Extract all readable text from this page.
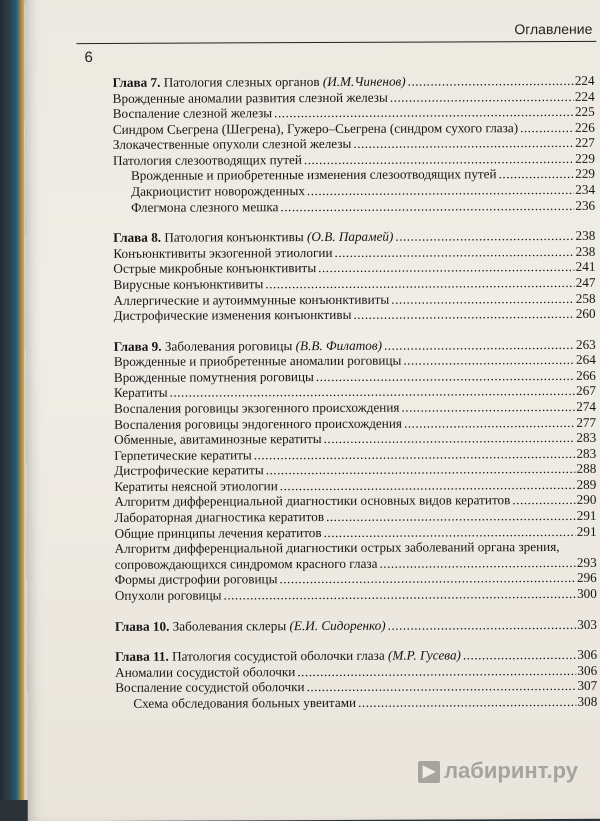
Оглавление
6
Глава 7. Патология слезных органов (И.М.Чиненов) .....	224
Врожденные аномалии развития слезной железы .....	224
Воспаление слезной железы .....	225
Синдром Сьегрена (Шегрена), Гужеро–Сьегрена (синдром сухого глаза) .....	226
Злокачественные опухоли слезной железы .....	227
Патология слезоотводящих путей .....	229
Врожденные и приобретенные изменения слезоотводящих путей .....	229
Дакриоцистит новорожденных .....	234
Флегмона слезного мешка .....	236
Глава 8. Патология конъюнктивы (О.В. Парамей) .....	238
Конъюнктивиты экзогенной этиологии .....	238
Острые микробные конъюнктивиты .....	241
Вирусные конъюнктивиты .....	247
Аллергические и аутоиммунные конъюнктивиты .....	258
Дистрофические изменения конъюнктивы .....	260
Глава 9. Заболевания роговицы (В.В. Филатов) .....	263
Врожденные и приобретенные аномалии роговицы .....	264
Врожденные помутнения роговицы .....	266
Кератиты .....	267
Воспаления роговицы экзогенного происхождения .....	274
Воспаления роговицы эндогенного происхождения .....	277
Обменные, авитаминозные кератиты .....	283
Герпетические кератиты .....	283
Дистрофические кератиты .....	288
Кератиты неясной этиологии .....	289
Алгоритм дифференциальной диагностики основных видов кератитов .....	290
Лабораторная диагностика кератитов .....	291
Общие принципы лечения кератитов .....	291
Алгоритм дифференциальной диагностики острых заболеваний органа зрения, сопровождающихся синдромом красного глаза .....	293
Формы дистрофии роговицы .....	296
Опухоли роговицы .....	300
Глава 10. Заболевания склеры (Е.И. Сидоренко) .....	303
Глава 11. Патология сосудистой оболочки глаза (М.Р. Гусева) .....	306
Аномалии сосудистой оболочки .....	306
Воспаление сосудистой оболочки .....	307
Схема обследования больных увеитами .....	308
▶ лабиринт.ру
